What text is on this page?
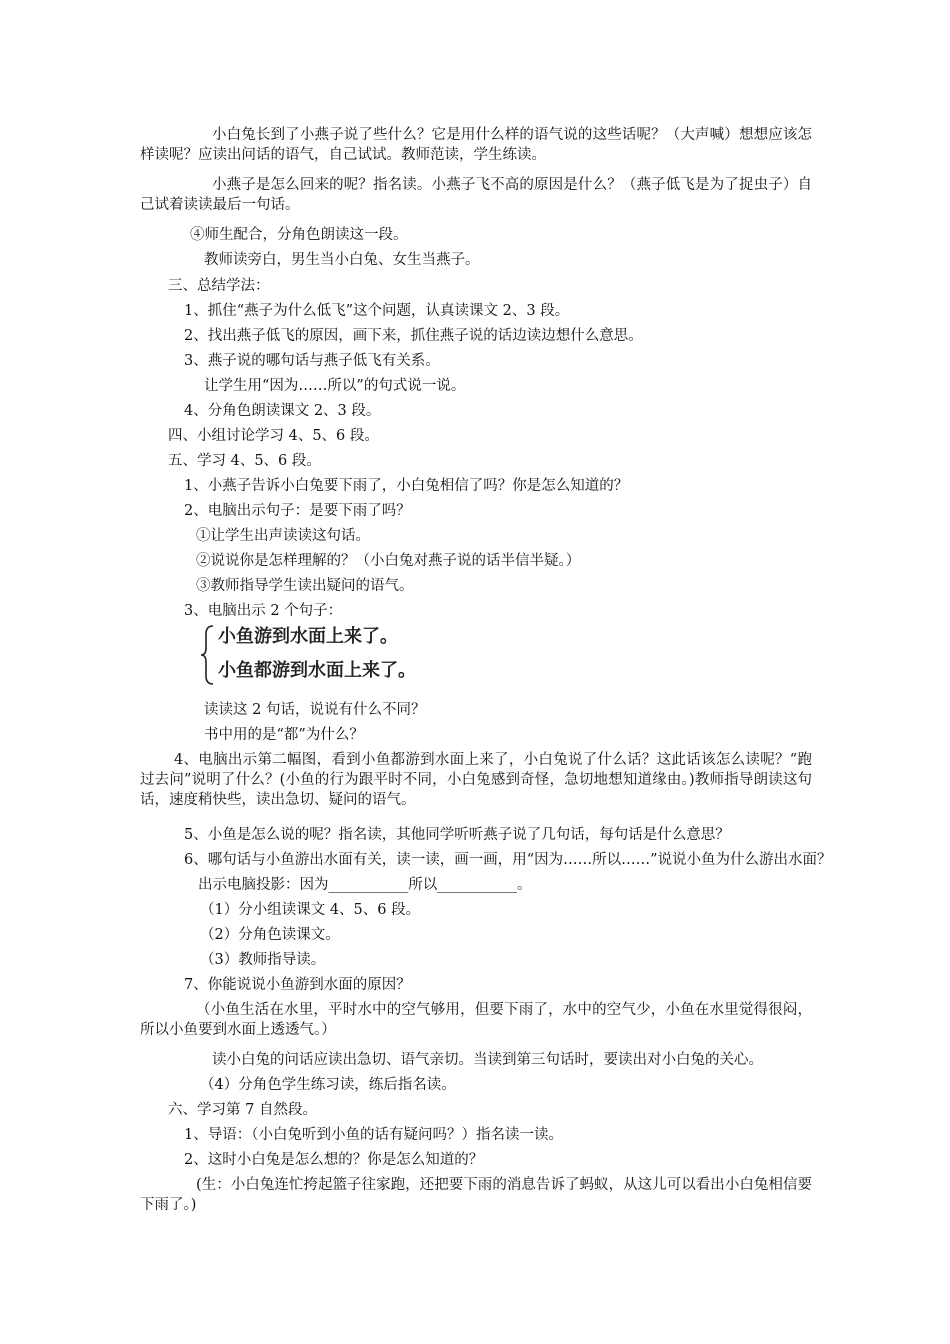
小白兔长到了小燕子说了些什么？它是用什么样的语气说的这些话呢？（大声喊）想想应该怎样读呢？应读出问话的语气，自己试试。教师范读，学生练读。
小燕子是怎么回来的呢？指名读。小燕子飞不高的原因是什么？（燕子低飞是为了捉虫子）自己试着读读最后一句话。
④师生配合，分角色朗读这一段。
教师读旁白，男生当小白兔、女生当燕子。
三、总结学法：
1、抓住“燕子为什么低飞”这个问题，认真读课文 2、3 段。
2、找出燕子低飞的原因，画下来，抓住燕子说的话边读边想什么意思。
3、燕子说的哪句话与燕子低飞有关系。
让学生用“因为……所以”的句式说一说。
4、分角色朗读课文 2、3 段。
四、小组讨论学习 4、5、6 段。
五、学习 4、5、6 段。
1、小燕子告诉小白兔要下雨了，小白兔相信了吗？你是怎么知道的？
2、电脑出示句子：是要下雨了吗？
①让学生出声读读这句话。
②说说你是怎样理解的？（小白兔对燕子说的话半信半疑。）
③教师指导学生读出疑问的语气。
3、电脑出示 2 个句子：
小鱼游到水面上来了。
小鱼都游到水面上来了。
读读这 2 句话，说说有什么不同？
书中用的是“都”为什么？
4、电脑出示第二幅图，看到小鱼都游到水面上来了，小白兔说了什么话？这此话该怎么读呢？“跑过去问”说明了什么？(小鱼的行为跟平时不同，小白兔感到奇怪，急切地想知道缘由。)教师指导朗读这句话，速度稍快些，读出急切、疑问的语气。
5、小鱼是怎么说的呢？指名读，其他同学听听燕子说了几句话，每句话是什么意思？
6、哪句话与小鱼游出水面有关，读一读，画一画，用“因为……所以……”说说小鱼为什么游出水面？
出示电脑投影：因为___________所以___________。
（1）分小组读课文 4、5、6 段。
（2）分角色读课文。
（3）教师指导读。
7、你能说说小鱼游到水面的原因？
（小鱼生活在水里，平时水中的空气够用，但要下雨了，水中的空气少，小鱼在水里觉得很闷，所以小鱼要到水面上透透气。）
读小白兔的问话应读出急切、语气亲切。当读到第三句话时，要读出对小白兔的关心。
（4）分角色学生练习读，练后指名读。
六、学习第 7 自然段。
1、导语：（小白兔听到小鱼的话有疑问吗？）指名读一读。
2、这时小白兔是怎么想的？你是怎么知道的？
(生：小白兔连忙挎起篮子往家跑，还把要下雨的消息告诉了蚂蚁，从这儿可以看出小白兔相信要下雨了。)
